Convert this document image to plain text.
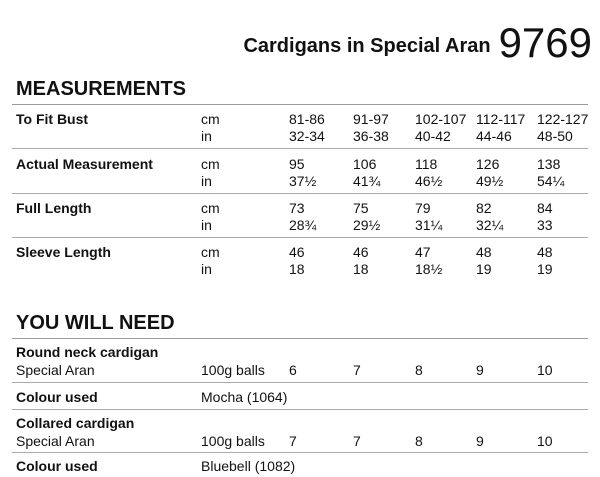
Cardigans in Special Aran 9769
MEASUREMENTS
To Fit Bust	cm	81-86 91-97 102-107 112-117 122-127
in	32-34 36-38 40-42 44-46 48-50
Actual Measurement	cm	95	106	118	126	138
in	37½	41¾ 46½ 49½ 54¼
Full Length	cm	73	75	79	82	84
in	28¾	29½ 31¼ 32¼ 33
Sleeve Length	cm	46	46	47	48	48
in	18	18	18½ 19	19
YOU WILL NEED
Round neck cardigan
Special Aran	100g balls 6	7	8	9	10
Colour used	Mocha (1064)
Collared cardigan
Special Aran	100g balls 7	7	8	9	10
Colour used	Bluebell (1082)
